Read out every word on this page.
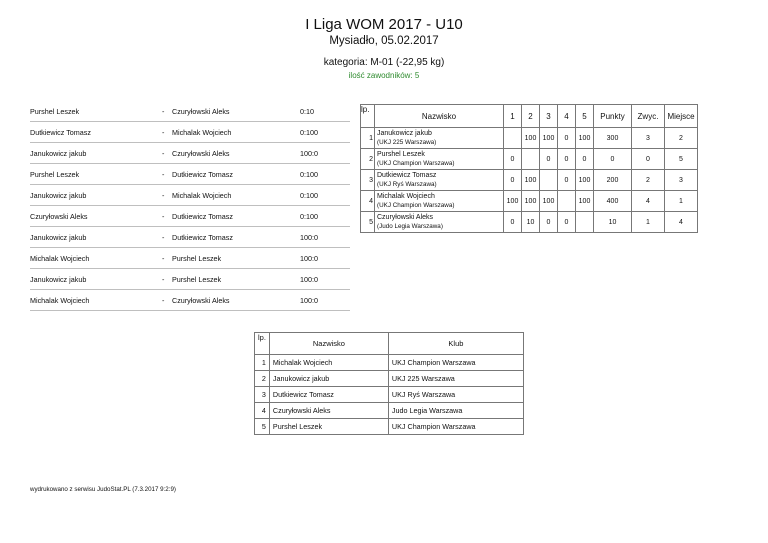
I Liga WOM 2017 - U10
Mysiadło, 05.02.2017
kategoria: M-01 (-22,95 kg)
ilość zawodników: 5
Purshel Leszek	- Czuryłowski Aleks	0:10
Dutkiewicz Tomasz	- Michalak Wojciech	0:100
Janukowicz jakub	- Czuryłowski Aleks	100:0
Purshel Leszek	- Dutkiewicz Tomasz	0:100
Janukowicz jakub	- Michalak Wojciech	0:100
Czuryłowski Aleks	- Dutkiewicz Tomasz	0:100
Janukowicz jakub	- Dutkiewicz Tomasz	100:0
Michalak Wojciech	- Purshel Leszek	100:0
Janukowicz jakub	- Purshel Leszek	100:0
Michalak Wojciech	- Czuryłowski Aleks	100:0
lp.	Nazwisko	1	2	3	4	5	Punkty	Zwyc.	Miejsce
1	Janukowicz jakub
(UKJ 225 Warszawa)		100	100	0	100	300	3	2
2	Purshel Leszek
(UKJ Champion Warszawa)	0		0	0	0	0	0	5
3	Dutkiewicz Tomasz
(UKJ Ryś Warszawa)	0	100		0	100	200	2	3
4	Michalak Wojciech
(UKJ Champion Warszawa)	100	100	100		100	400	4	1
5	Czuryłowski Aleks
(Judo Legia Warszawa)	0	10	0	0		10	1	4
lp.	Nazwisko	Klub
1	Michalak Wojciech	UKJ Champion Warszawa
2	Janukowicz jakub	UKJ 225 Warszawa
3	Dutkiewicz Tomasz	UKJ Ryś Warszawa
4	Czuryłowski Aleks	Judo Legia Warszawa
5	Purshel Leszek	UKJ Champion Warszawa
wydrukowano z serwisu JudoStat.PL (7.3.2017 9:2:9)
